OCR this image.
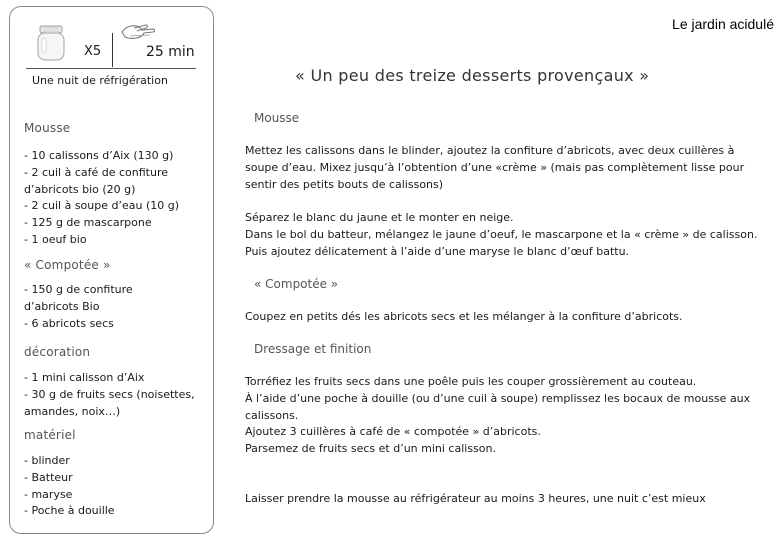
Le jardin acidulé
X5	25 min
Une nuit de réfrigération
Mousse
- 10 calissons d’Aix (130 g)
- 2 cuil à café de confiture
d’abricots bio (20 g)
- 2 cuil à soupe d’eau (10 g)
- 125 g de mascarpone
- 1 oeuf bio
« Compotée »
- 150 g de confiture
d’abricots Bio
- 6 abricots secs
décoration
- 1 mini calisson d’Aix
- 30 g de fruits secs (noisettes,
amandes, noix…)
matériel
- blinder
- Batteur
- maryse
- Poche à douille
« Un peu des treize desserts provençaux »
Mousse
Mettez les calissons dans le blinder, ajoutez la confiture d’abricots, avec deux cuillères à
soupe d’eau. Mixez jusqu’à l’obtention d’une «crème » (mais pas complètement lisse pour
sentir des petits bouts de calissons)
Séparez le blanc du jaune et le monter en neige.
Dans le bol du batteur, mélangez le jaune d’oeuf, le mascarpone et la « crème » de calisson.
Puis ajoutez délicatement à l’aide d’une maryse le blanc d’œuf battu.
« Compotée »
Coupez en petits dés les abricots secs et les mélanger à la confiture d’abricots.
Dressage et finition
Torréfiez les fruits secs dans une poêle puis les couper grossièrement au couteau.
À l’aide d’une poche à douille (ou d’une cuil à soupe) remplissez les bocaux de mousse aux
calissons.
Ajoutez 3 cuillères à café de « compotée » d’abricots.
Parsemez de fruits secs et d’un mini calisson.
Laisser prendre la mousse au réfrigérateur au moins 3 heures, une nuit c’est mieux
